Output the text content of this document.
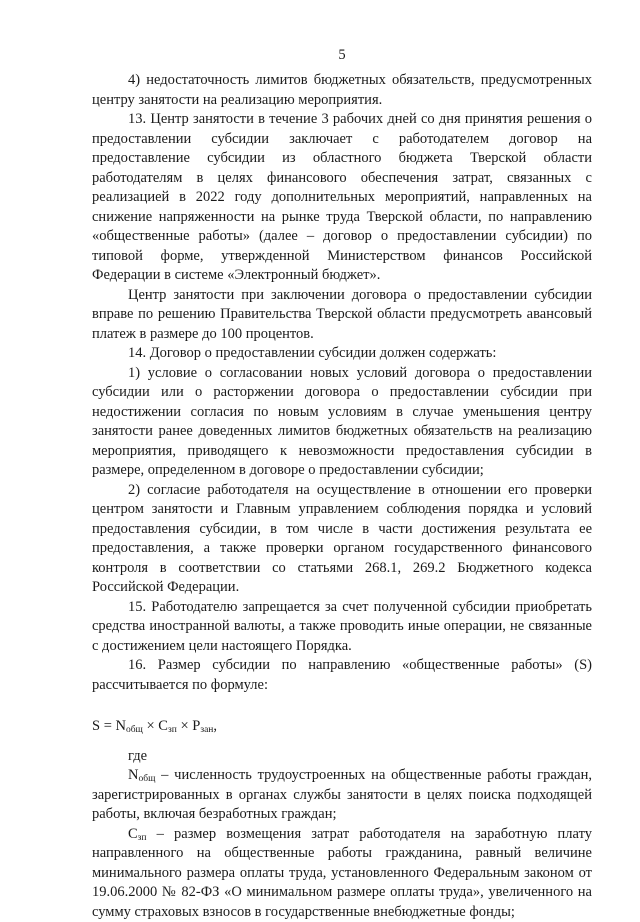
5

4) недостаточность лимитов бюджетных обязательств, предусмотренных центру занятости на реализацию мероприятия.

13. Центр занятости в течение 3 рабочих дней со дня принятия решения о предоставлении субсидии заключает с работодателем договор на предоставление субсидии из областного бюджета Тверской области работодателям в целях финансового обеспечения затрат, связанных с реализацией в 2022 году дополнительных мероприятий, направленных на снижение напряженности на рынке труда Тверской области, по направлению «общественные работы» (далее – договор о предоставлении субсидии) по типовой форме, утвержденной Министерством финансов Российской Федерации в системе «Электронный бюджет».

Центр занятости при заключении договора о предоставлении субсидии вправе по решению Правительства Тверской области предусмотреть авансовый платеж в размере до 100 процентов.

14. Договор о предоставлении субсидии должен содержать:

1) условие о согласовании новых условий договора о предоставлении субсидии или о расторжении договора о предоставлении субсидии при недостижении согласия по новым условиям в случае уменьшения центру занятости ранее доведенных лимитов бюджетных обязательств на реализацию мероприятия, приводящего к невозможности предоставления субсидии в размере, определенном в договоре о предоставлении субсидии;

2) согласие работодателя на осуществление в отношении его проверки центром занятости и Главным управлением соблюдения порядка и условий предоставления субсидии, в том числе в части достижения результата ее предоставления, а также проверки органом государственного финансового контроля в соответствии со статьями 268.1, 269.2 Бюджетного кодекса Российской Федерации.

15. Работодателю запрещается за счет полученной субсидии приобретать средства иностранной валюты, а также проводить иные операции, не связанные с достижением цели настоящего Порядка.

16. Размер субсидии по направлению «общественные работы» (S) рассчитывается по формуле:

$S = N_{общ} \times C_{зп} \times P_{зан}$,

где

$N_{общ}$ – численность трудоустроенных на общественные работы граждан, зарегистрированных в органах службы занятости в целях поиска подходящей работы, включая безработных граждан;

$C_{зп}$ – размер возмещения затрат работодателя на заработную плату направленного на общественные работы гражданина, равный величине минимального размера оплаты труда, установленного Федеральным законом от 19.06.2000 № 82-ФЗ «О минимальном размере оплаты труда», увеличенного на сумму страховых взносов в государственные внебюджетные фонды;
